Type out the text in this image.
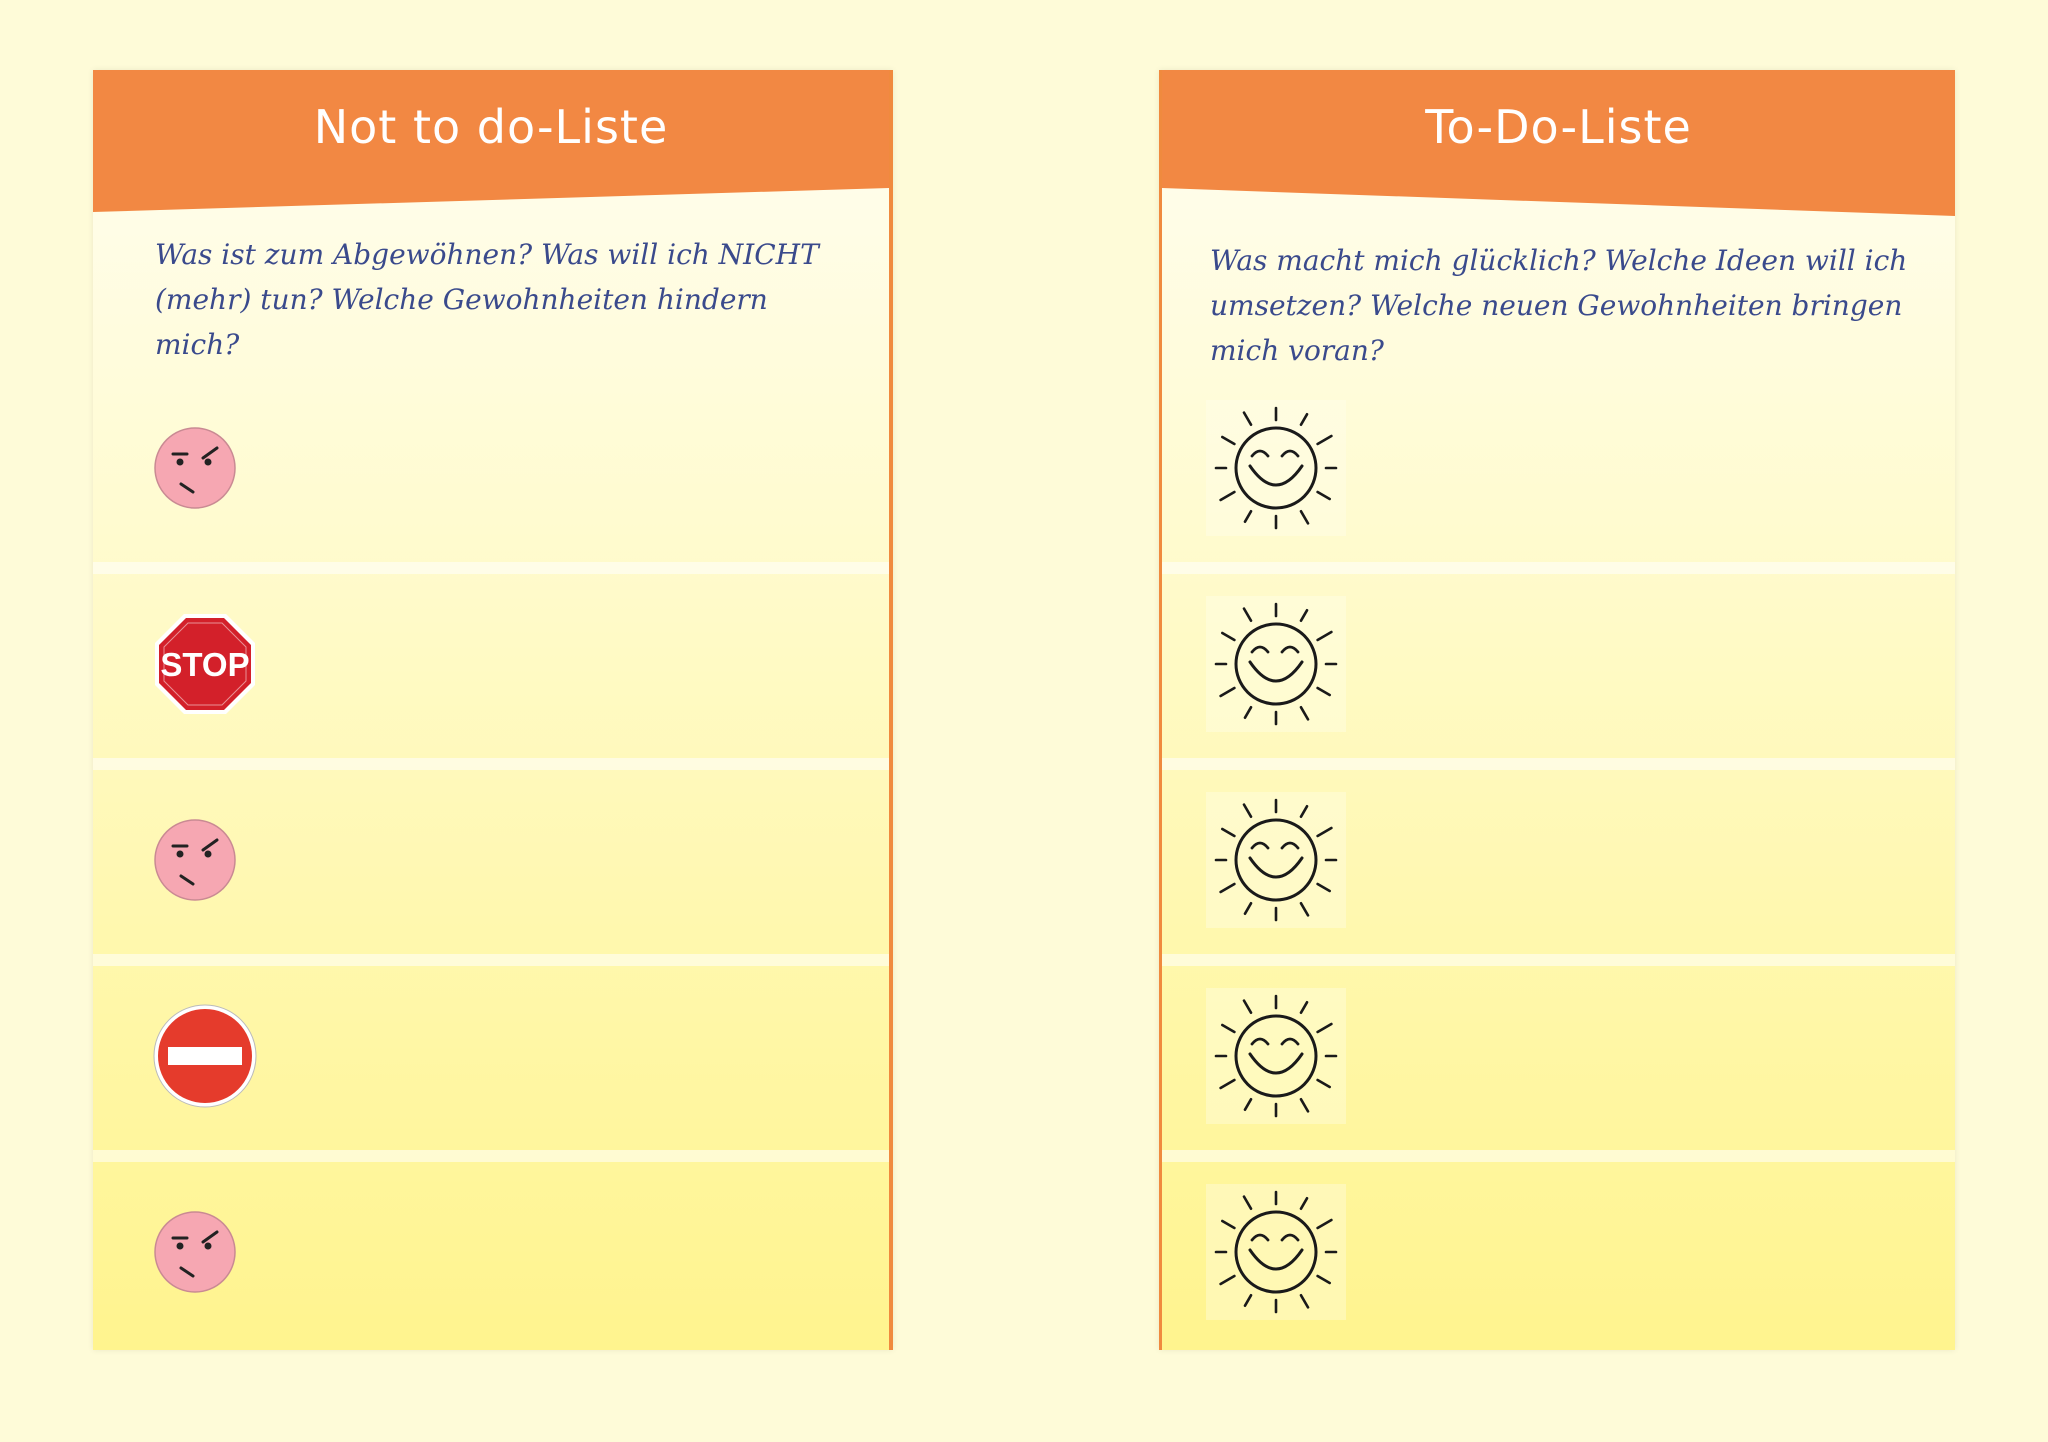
Not to do-Liste
Was ist zum Abgewöhnen? Was will ich NICHT (mehr) tun? Welche Gewohnheiten hindern mich?
STOP
To-Do-Liste
Was macht mich glücklich? Welche Ideen will ich umsetzen? Welche neuen Gewohnheiten bringen mich voran?
